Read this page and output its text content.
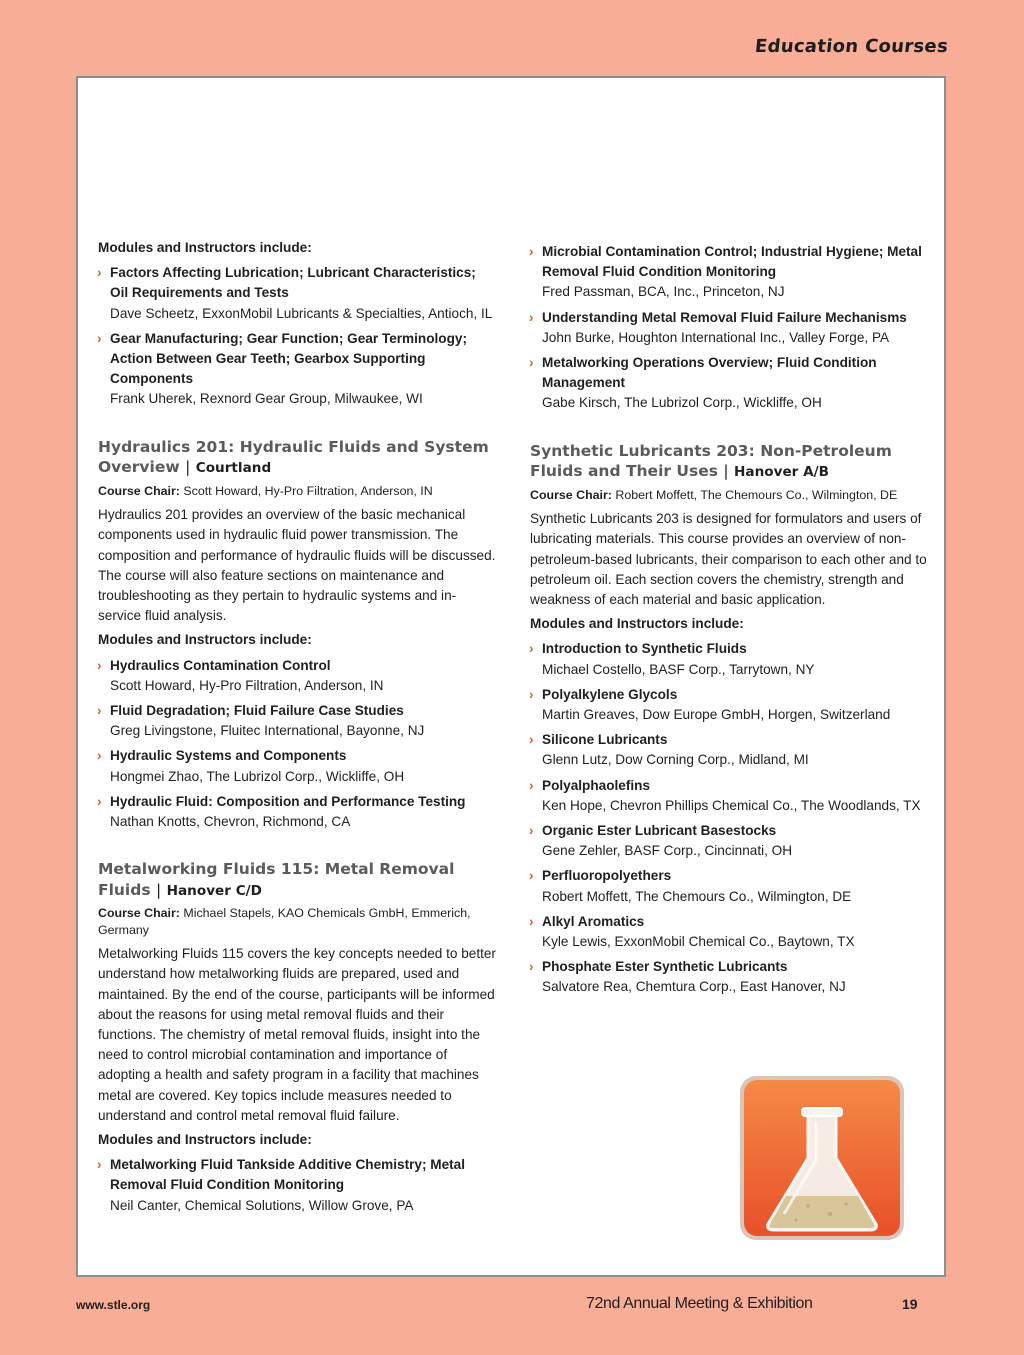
Education Courses
Modules and Instructors include:
› Factors Affecting Lubrication; Lubricant Characteristics; Oil Requirements and Tests
Dave Scheetz, ExxonMobil Lubricants & Specialties, Antioch, IL
› Gear Manufacturing; Gear Function; Gear Terminology; Action Between Gear Teeth; Gearbox Supporting Components
Frank Uherek, Rexnord Gear Group, Milwaukee, WI
Hydraulics 201: Hydraulic Fluids and System Overview | Courtland
Course Chair: Scott Howard, Hy-Pro Filtration, Anderson, IN

Hydraulics 201 provides an overview of the basic mechanical components used in hydraulic fluid power transmission. The composition and performance of hydraulic fluids will be discussed. The course will also feature sections on maintenance and troubleshooting as they pertain to hydraulic systems and in-service fluid analysis.

Modules and Instructors include:
› Hydraulics Contamination Control
Scott Howard, Hy-Pro Filtration, Anderson, IN
› Fluid Degradation; Fluid Failure Case Studies
Greg Livingstone, Fluitec International, Bayonne, NJ
› Hydraulic Systems and Components
Hongmei Zhao, The Lubrizol Corp., Wickliffe, OH
› Hydraulic Fluid: Composition and Performance Testing
Nathan Knotts, Chevron, Richmond, CA
Metalworking Fluids 115: Metal Removal Fluids | Hanover C/D
Course Chair: Michael Stapels, KAO Chemicals GmbH, Emmerich, Germany

Metalworking Fluids 115 covers the key concepts needed to better understand how metalworking fluids are prepared, used and maintained. By the end of the course, participants will be informed about the reasons for using metal removal fluids and their functions. The chemistry of metal removal fluids, insight into the need to control microbial contamination and importance of adopting a health and safety program in a facility that machines metal are covered. Key topics include measures needed to understand and control metal removal fluid failure.

Modules and Instructors include:
› Metalworking Fluid Tankside Additive Chemistry; Metal Removal Fluid Condition Monitoring
Neil Canter, Chemical Solutions, Willow Grove, PA
› Microbial Contamination Control; Industrial Hygiene; Metal Removal Fluid Condition Monitoring
Fred Passman, BCA, Inc., Princeton, NJ
› Understanding Metal Removal Fluid Failure Mechanisms
John Burke, Houghton International Inc., Valley Forge, PA
› Metalworking Operations Overview; Fluid Condition Management
Gabe Kirsch, The Lubrizol Corp., Wickliffe, OH
Synthetic Lubricants 203: Non-Petroleum Fluids and Their Uses | Hanover A/B
Course Chair: Robert Moffett, The Chemours Co., Wilmington, DE

Synthetic Lubricants 203 is designed for formulators and users of lubricating materials. This course provides an overview of non-petroleum-based lubricants, their comparison to each other and to petroleum oil. Each section covers the chemistry, strength and weakness of each material and basic application.

Modules and Instructors include:
› Introduction to Synthetic Fluids
Michael Costello, BASF Corp., Tarrytown, NY
› Polyalkylene Glycols
Martin Greaves, Dow Europe GmbH, Horgen, Switzerland
› Silicone Lubricants
Glenn Lutz, Dow Corning Corp., Midland, MI
› Polyalphaolefins
Ken Hope, Chevron Phillips Chemical Co., The Woodlands, TX
› Organic Ester Lubricant Basestocks
Gene Zehler, BASF Corp., Cincinnati, OH
› Perfluoropolyethers
Robert Moffett, The Chemours Co., Wilmington, DE
› Alkyl Aromatics
Kyle Lewis, ExxonMobil Chemical Co., Baytown, TX
› Phosphate Ester Synthetic Lubricants
Salvatore Rea, Chemtura Corp., East Hanover, NJ
www.stle.org	72nd Annual Meeting & Exhibition	19
